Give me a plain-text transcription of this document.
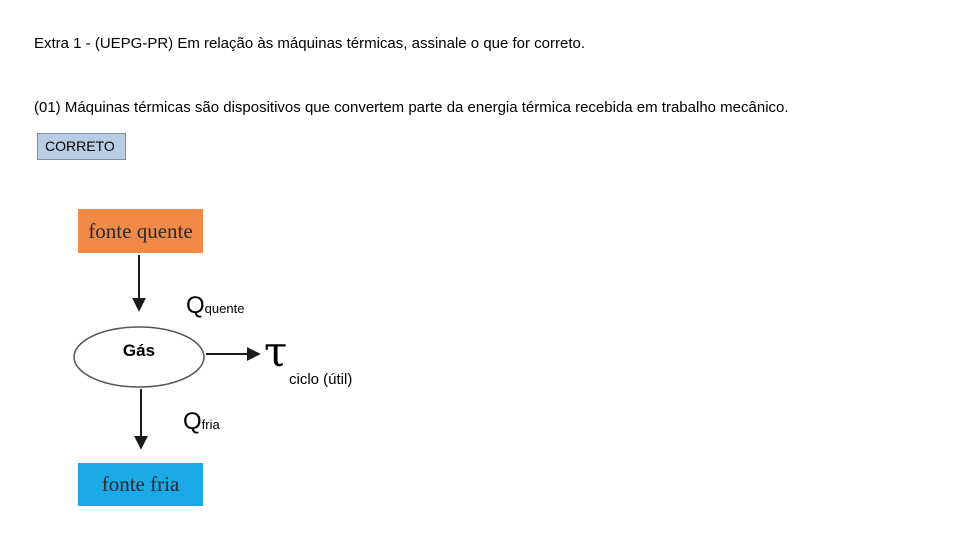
Extra 1 - (UEPG-PR) Em relação às máquinas térmicas, assinale o que for correto.
(01) Máquinas térmicas são dispositivos que convertem parte da energia térmica recebida em trabalho mecânico.
CORRETO
fonte quente
Gás
fonte fria
Qquente
τ
ciclo (útil)
Qfria
